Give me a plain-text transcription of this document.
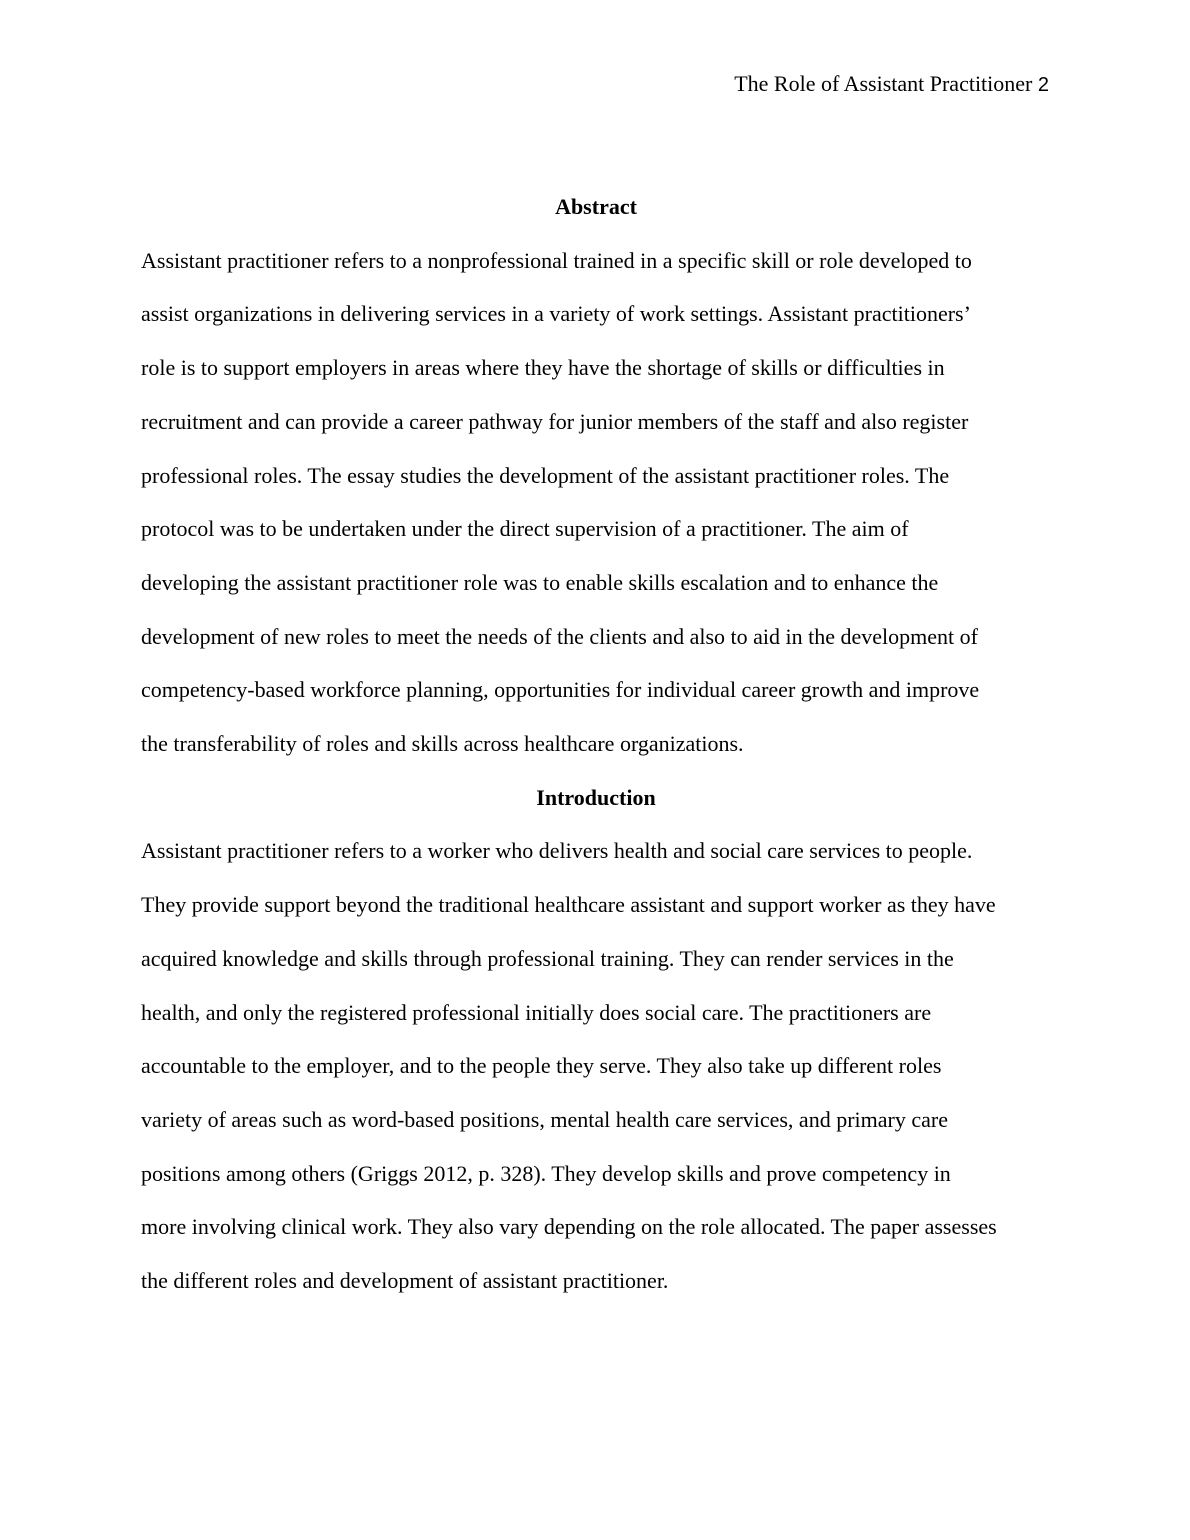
The Role of Assistant Practitioner 2

Abstract

Assistant practitioner refers to a nonprofessional trained in a specific skill or role developed to

assist organizations in delivering services in a variety of work settings. Assistant practitioners’

role is to support employers in areas where they have the shortage of skills or difficulties in

recruitment and can provide a career pathway for junior members of the staff and also register

professional roles. The essay studies the development of the assistant practitioner roles. The

protocol was to be undertaken under the direct supervision of a practitioner. The aim of

developing the assistant practitioner role was to enable skills escalation and to enhance the

development of new roles to meet the needs of the clients and also to aid in the development of

competency-based workforce planning, opportunities for individual career growth and improve

the transferability of roles and skills across healthcare organizations.

Introduction

Assistant practitioner refers to a worker who delivers health and social care services to people.

They provide support beyond the traditional healthcare assistant and support worker as they have

acquired knowledge and skills through professional training. They can render services in the

health, and only the registered professional initially does social care. The practitioners are

accountable to the employer, and to the people they serve. They also take up different roles

variety of areas such as word-based positions, mental health care services, and primary care

positions among others (Griggs 2012, p. 328). They develop skills and prove competency in

more involving clinical work. They also vary depending on the role allocated. The paper assesses

the different roles and development of assistant practitioner.
